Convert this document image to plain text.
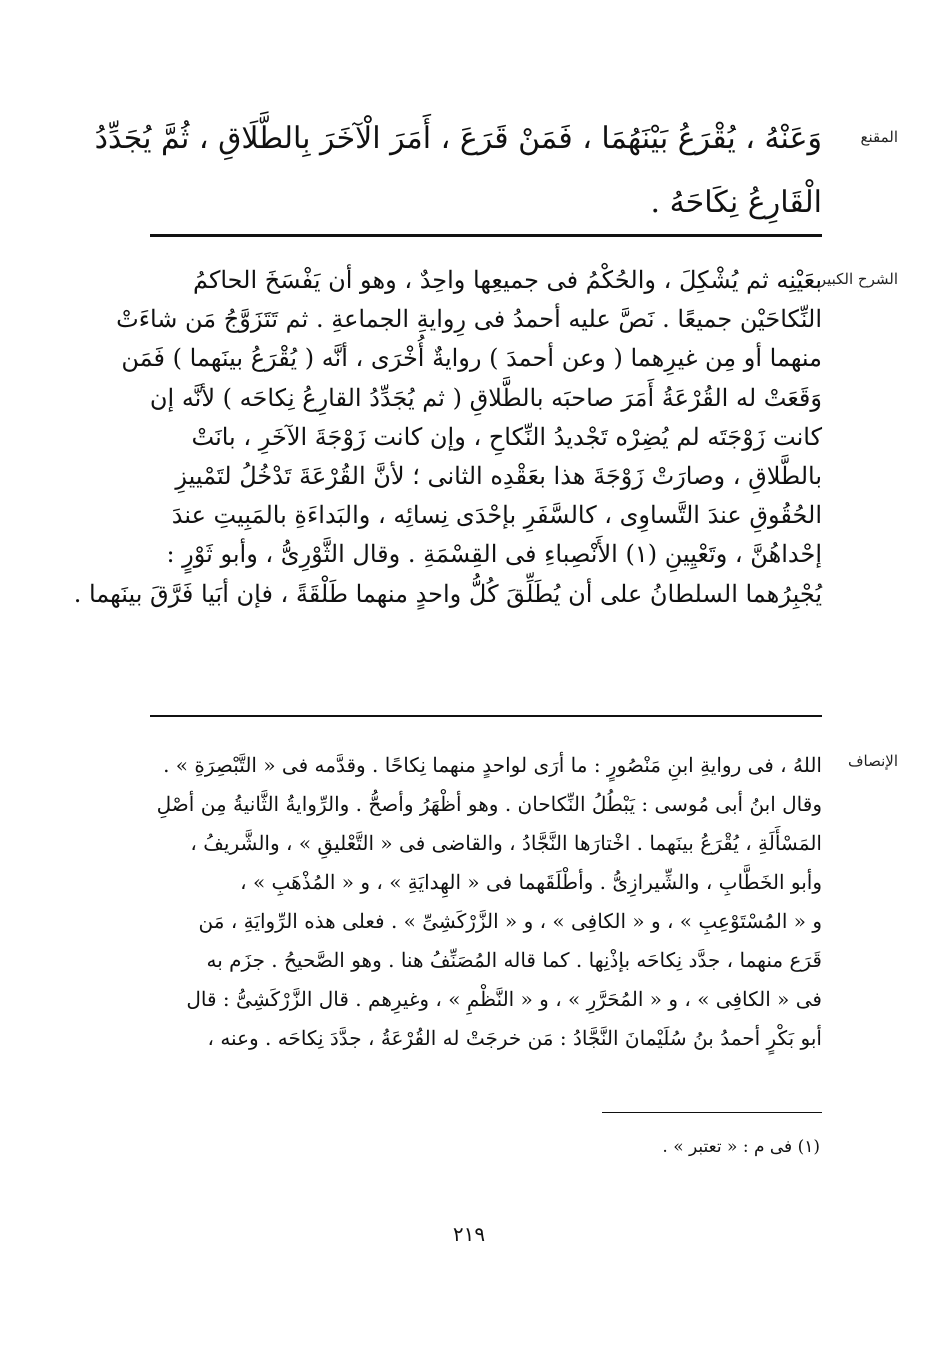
المقنع
وَعَنْهُ ، يُقْرَعُ بَيْنَهُمَا ، فَمَنْ قَرَعَ ، أَمَرَ الْآخَرَ بِالطَّلَاقِ ، ثُمَّ يُجَدِّدُ
الْقَارِعُ نِكَاحَهُ .
الشرح الكبير
بعَيْنِه ثم يُشْكِلَ ، والحُكْمُ فى جميعِها واحِدٌ ، وهو أن يَفْسَخَ الحاكمُ
النِّكاحَيْن جميعًا . نَصَّ عليه أحمدُ فى رِوايةِ الجماعةِ . ثم تَتَزَوَّجُ مَن شاءَتْ
منهما أو مِن غيرِهما ( وعن أحمدَ ) روايةٌ أُخْرَى ، أنَّه ( يُقْرَعُ بينَهما ) فَمَن
وَقَعَتْ له القُرْعَةُ أَمَرَ صاحبَه بالطَّلاقِ ( ثم يُجَدِّدُ القارِعُ نِكاحَه ) لأنَّه إن
كانت زَوْجَتَه لم يُضِرْه تَجْديدُ النِّكاحِ ، وإن كانت زَوْجَةَ الآخَرِ ، بانَتْ
بالطَّلاقِ ، وصارَتْ زَوْجَةَ هذا بعَقْدِه الثانى ؛ لأنَّ القُرْعَةَ تَدْخُلُ لتَمْييزِ
الحُقُوقِ عندَ التَّساوِى ، كالسَّفَرِ بإحْدَى نِسائِه ، والبَداءَةِ بالمَبِيتِ عندَ
إحْداهُنَّ ، وتَعْيِينِ (١) الأَنْصِباءِ فى القِسْمَةِ . وقال الثَّوْرِىُّ ، وأبو ثَوْرٍ :
يُجْبِرُهما السلطانُ على أن يُطَلِّقَ كُلُّ واحدٍ منهما طَلْقَةً ، فإن أبَيا فَرَّقَ بينَهما .
الإنصاف
اللهُ ، فى روايةِ ابنِ مَنْصُورٍ : ما أرَى لواحدٍ منهما نِكاحًا . وقدَّمه فى « التَّبْصِرَةِ » .
وقال ابنُ أبى مُوسى : يَبْطُلُ النِّكاحان . وهو أظْهَرُ وأصحُّ . والرِّوايةُ الثَّانيةُ مِن أصْلِ
المَسْأَلَةِ ، يُقْرَعُ بينَهما . اخْتارَها النَّجَّادُ ، والقاضى فى « التَّعْليقِ » ، والشَّريفُ ،
وأبو الخَطَّابِ ، والشِّيرازِىُّ . وأطْلَقَهما فى « الهِدايَةِ » ، و « المُذْهَبِ » ،
و « المُسْتَوْعِبِ » ، و « الكافِى » ، و « الزَّرْكَشِىِّ » . فعلى هذه الرِّوايَةِ ، مَن
قَرَع منهما ، جدَّد نِكاحَه بإذْنِها . كما قاله المُصَنِّفُ هنا . وهو الصَّحيحُ . جزَم به
فى « الكافِى » ، و « المُحَرَّرِ » ، و « النَّظْمِ » ، وغيرِهم . قال الزَّرْكَشِىُّ : قال
أبو بَكْرٍ أحمدُ بنُ سُلَيْمانَ النَّجَّادُ : مَن خرجَتْ له القُرْعَةُ ، جدَّدَ نِكاحَه . وعنه ،
(١) فى م : « تعتبر » .
٢١٩
